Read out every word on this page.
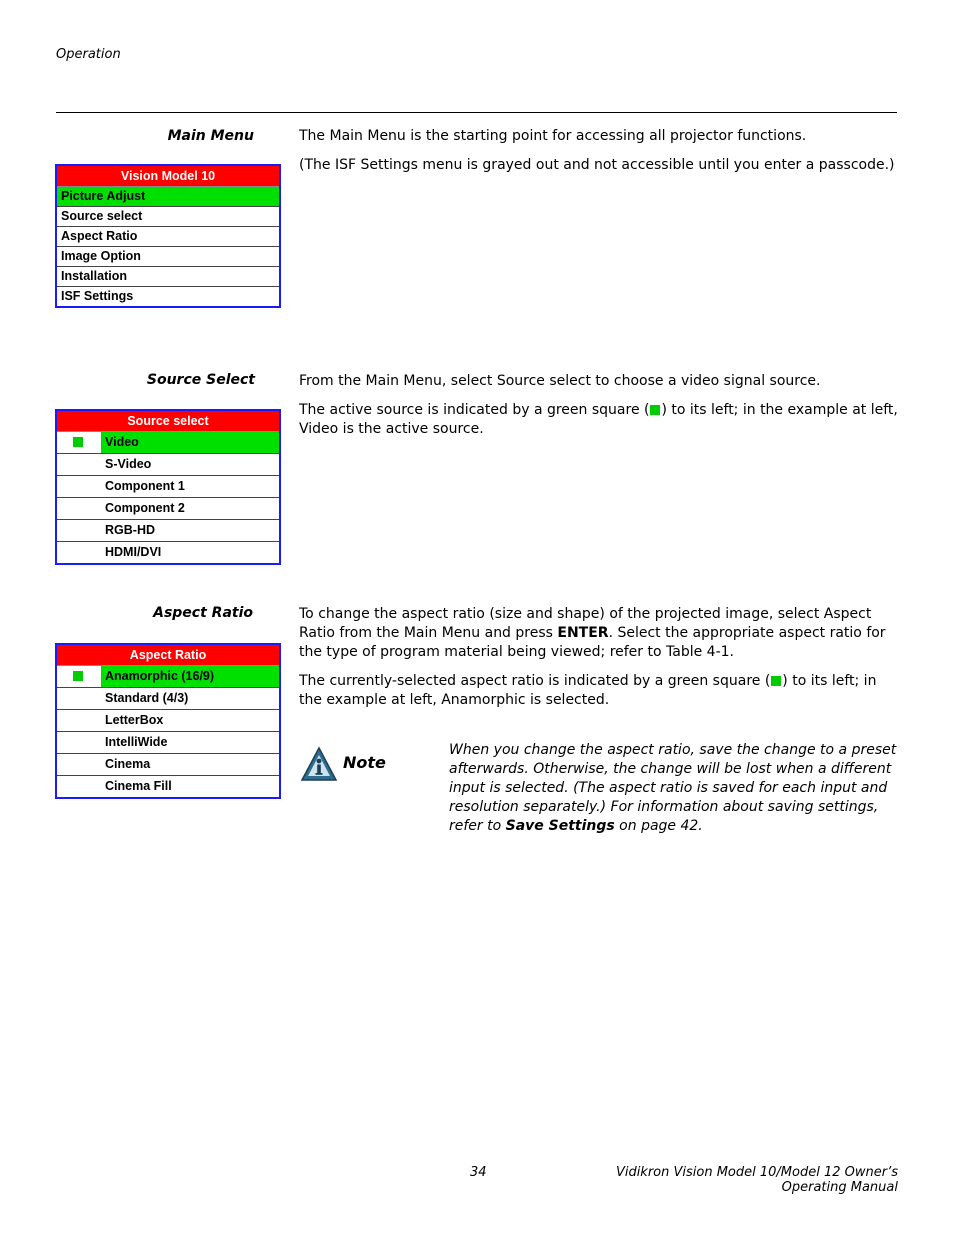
Operation
Main Menu	The Main Menu is the starting point for accessing all projector functions.

(The ISF Settings menu is grayed out and not accessible until you enter a passcode.)

Vision Model 10
Picture Adjust
Source select
Aspect Ratio
Image Option
Installation
ISF Settings
Source Select	From the Main Menu, select Source select to choose a video signal source.

The active source is indicated by a green square ( ) to its left; in the example at left, Video is the active source.

Source select
Video
S-Video
Component 1
Component 2
RGB-HD
HDMI/DVI
Aspect Ratio	To change the aspect ratio (size and shape) of the projected image, select Aspect Ratio from the Main Menu and press ENTER. Select the appropriate aspect ratio for the type of program material being viewed; refer to Table 4-1.

The currently-selected aspect ratio is indicated by a green square ( ) to its left; in the example at left, Anamorphic is selected.

Aspect Ratio
Anamorphic (16/9)
Standard (4/3)
LetterBox
IntelliWide
Cinema
Cinema Fill
Note
When you change the aspect ratio, save the change to a preset afterwards. Otherwise, the change will be lost when a different input is selected. (The aspect ratio is saved for each input and resolution separately.) For information about saving settings, refer to Save Settings on page 42.
34	Vidikron Vision Model 10/Model 12 Owner’s Operating Manual
